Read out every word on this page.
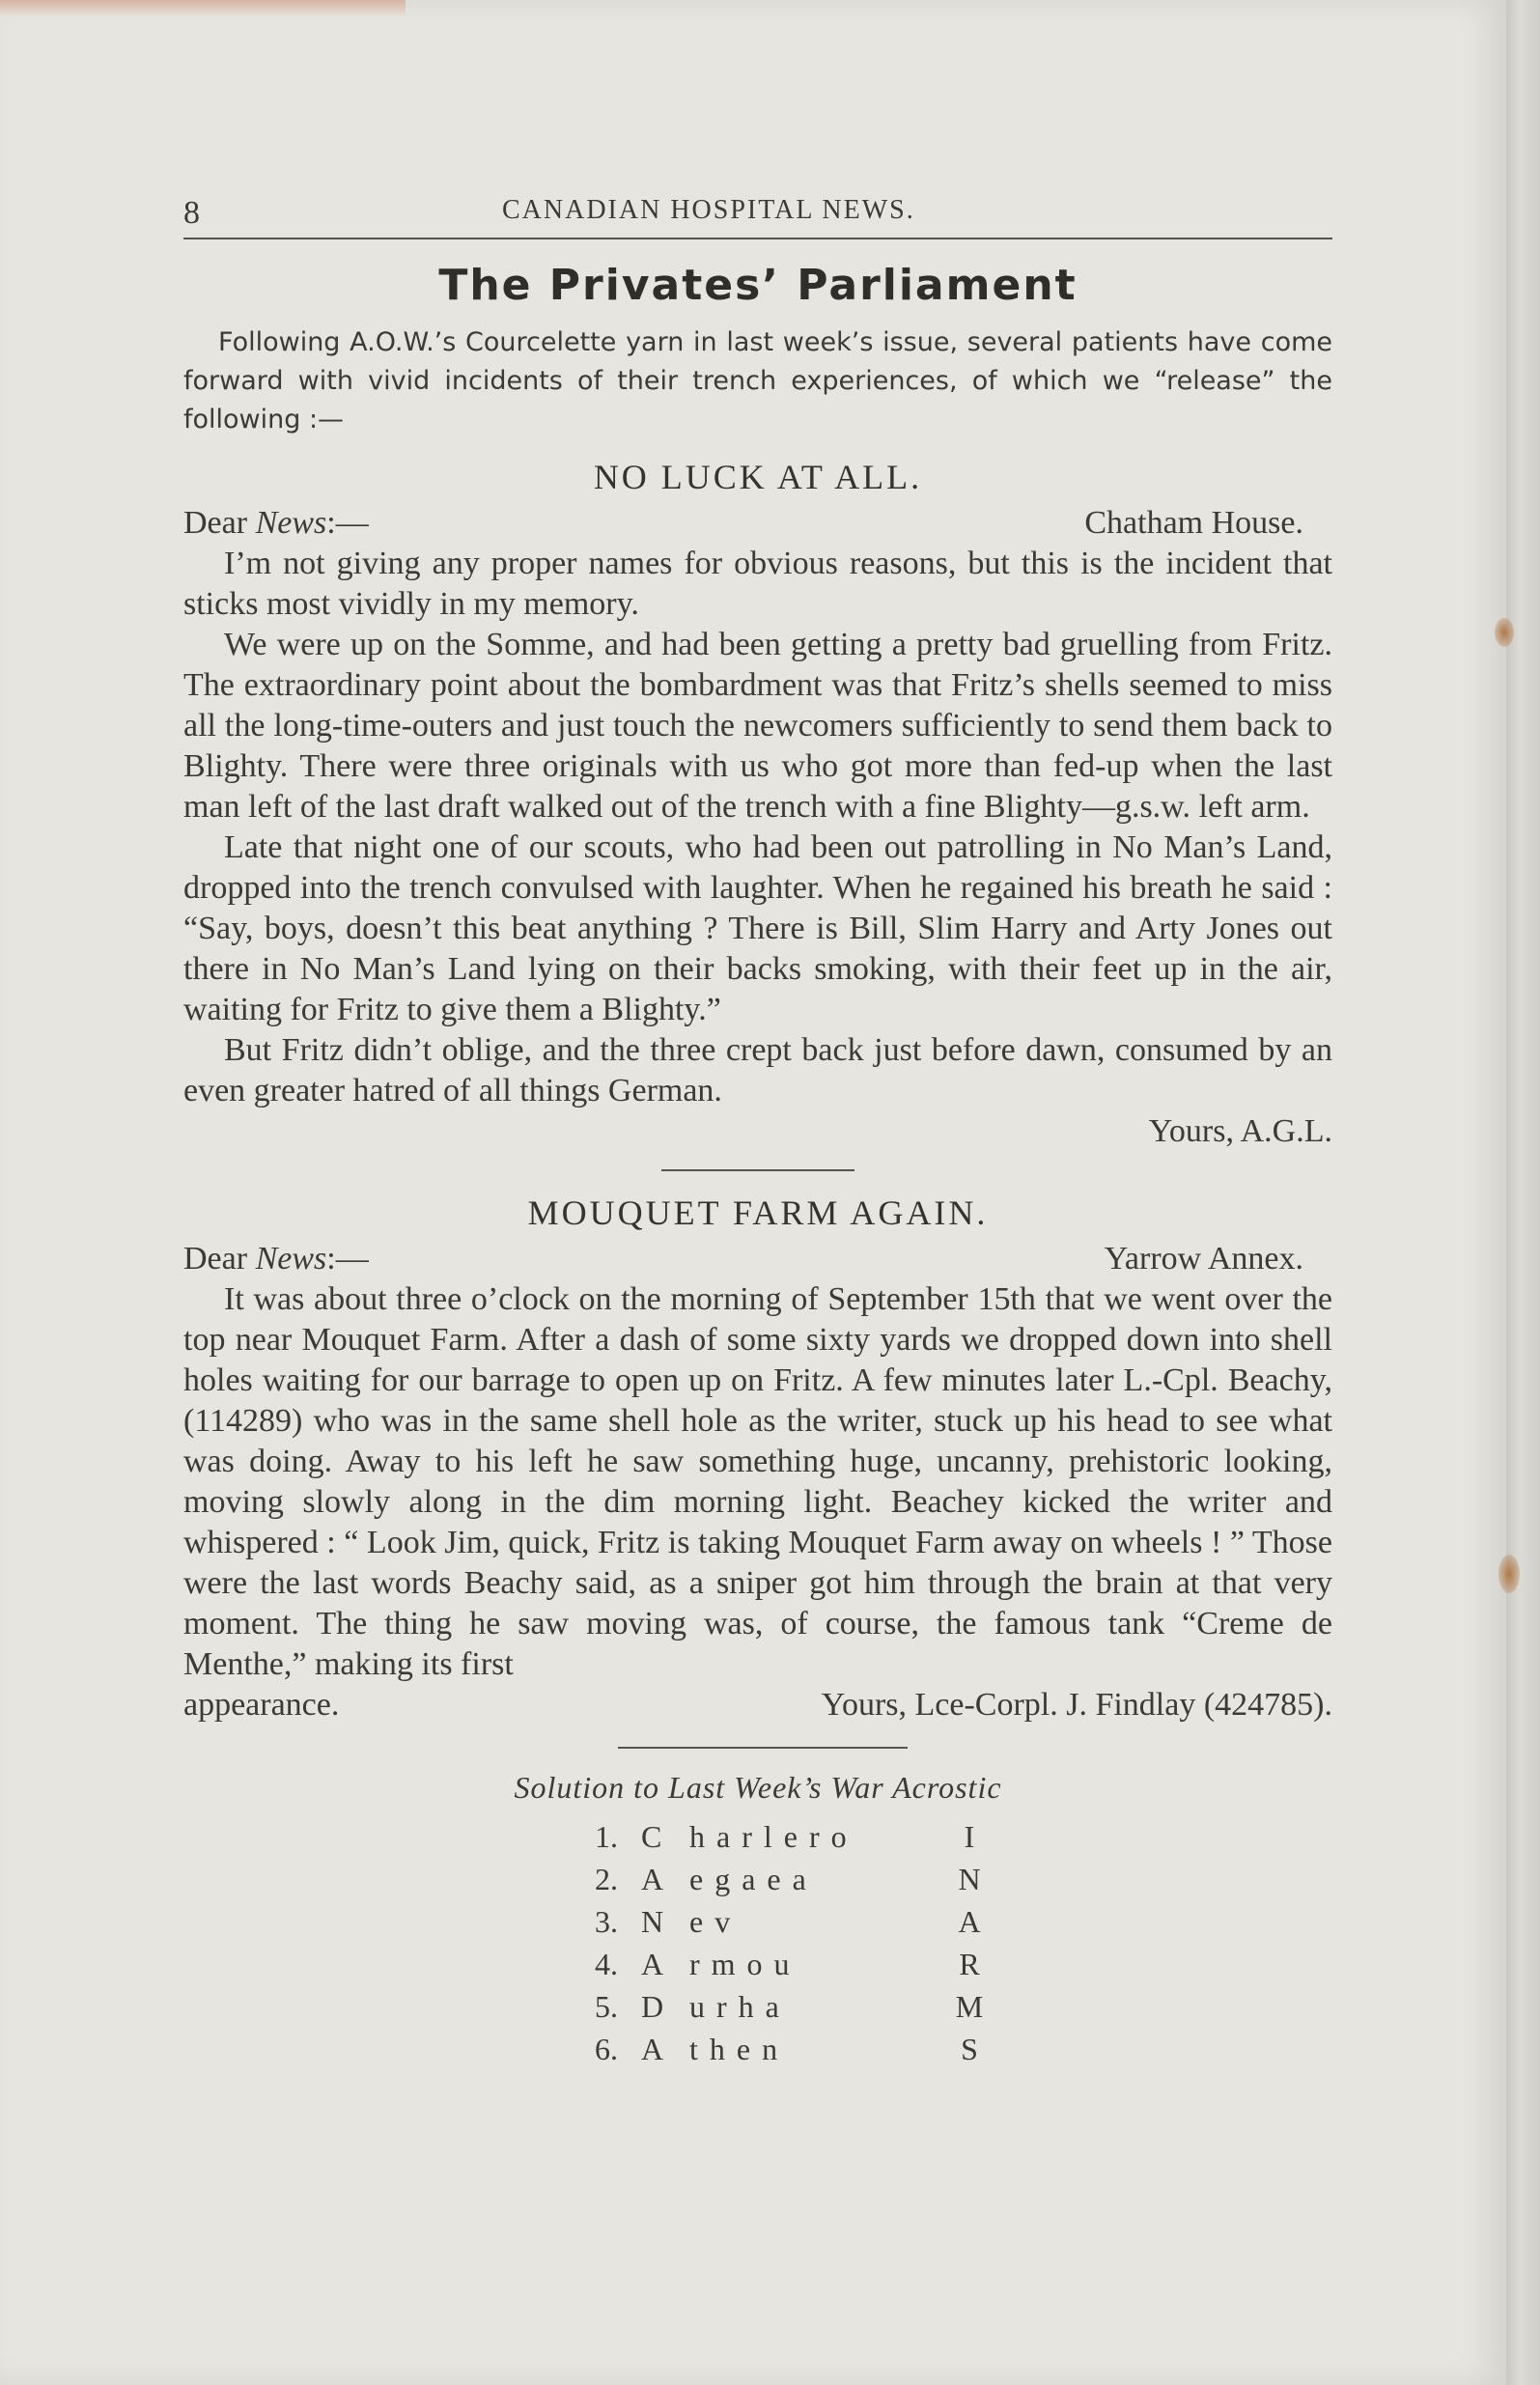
8	CANADIAN HOSPITAL NEWS.
The Privates’ Parliament

Following A.O.W.’s Courcelette yarn in last week’s issue, several patients have come forward with vivid incidents of their trench experiences, of which we “release” the following :—

NO LUCK AT ALL.
Dear News:—	Chatham House.

I’m not giving any proper names for obvious reasons, but this is the incident that sticks most vividly in my memory.

We were up on the Somme, and had been getting a pretty bad gruelling from Fritz. The extraordinary point about the bombardment was that Fritz’s shells seemed to miss all the long-time-outers and just touch the newcomers sufficiently to send them back to Blighty. There were three originals with us who got more than fed-up when the last man left of the last draft walked out of the trench with a fine Blighty—g.s.w. left arm.

Late that night one of our scouts, who had been out patrolling in No Man’s Land, dropped into the trench convulsed with laughter. When he regained his breath he said : “Say, boys, doesn’t this beat anything ? There is Bill, Slim Harry and Arty Jones out there in No Man’s Land lying on their backs smoking, with their feet up in the air, waiting for Fritz to give them a Blighty.”

But Fritz didn’t oblige, and the three crept back just before dawn, consumed by an even greater hatred of all things German.

Yours, A.G.L.

MOUQUET FARM AGAIN.
Dear News:—	Yarrow Annex.

It was about three o’clock on the morning of September 15th that we went over the top near Mouquet Farm. After a dash of some sixty yards we dropped down into shell holes waiting for our barrage to open up on Fritz. A few minutes later L.-Cpl. Beachy, (114289) who was in the same shell hole as the writer, stuck up his head to see what was doing. Away to his left he saw something huge, uncanny, prehistoric looking, moving slowly along in the dim morning light. Beachey kicked the writer and whispered : “ Look Jim, quick, Fritz is taking Mouquet Farm away on wheels ! ” Those were the last words Beachy said, as a sniper got him through the brain at that very moment. The thing he saw moving was, of course, the famous tank “Creme de Menthe,” making its first

appearance.	Yours, Lce-Corpl. J. Findlay (424785).
Solution to Last Week’s War Acrostic
1.	C	harlero	I
2.	A	egaea	N
3.	N	ev	A
4.	A	rmou	R
5.	D	urha	M
6.	A	then	S
